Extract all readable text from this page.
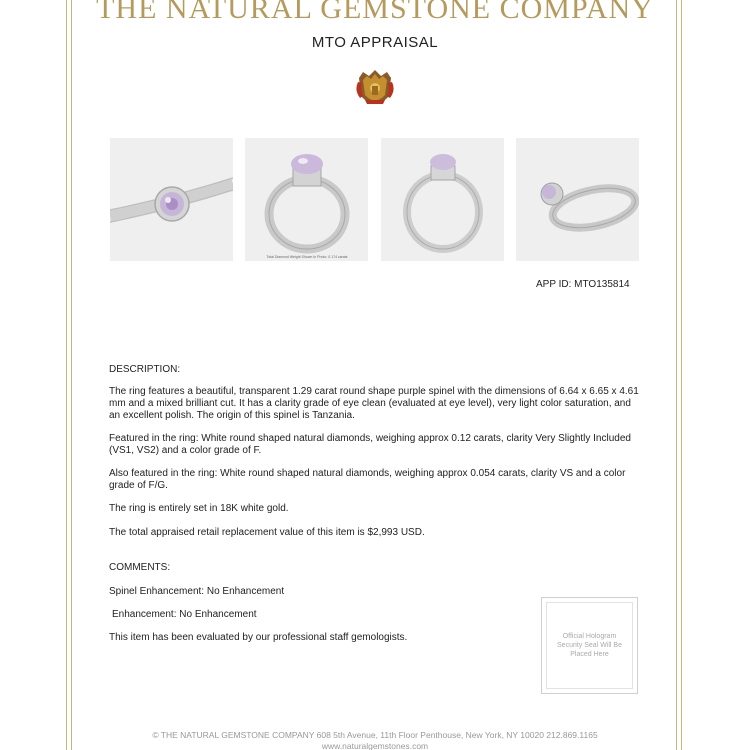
THE NATURAL GEMSTONE COMPANY
MTO APPRAISAL
Total Diamond Weight Shown In Photo: 0.174 carats
APP ID: MTO135814
DESCRIPTION:
The ring features a beautiful, transparent 1.29 carat round shape purple spinel with the dimensions of 6.64 x 6.65 x 4.61 mm and a mixed brilliant cut. It has a clarity grade of eye clean (evaluated at eye level), very light color saturation, and an excellent polish. The origin of this spinel is Tanzania.
Featured in the ring: White round shaped natural diamonds, weighing approx 0.12 carats, clarity Very Slightly Included (VS1, VS2) and a color grade of F.
Also featured in the ring: White round shaped natural diamonds, weighing approx 0.054 carats, clarity VS and a color grade of F/G.
The ring is entirely set in 18K white gold.
The total appraised retail replacement value of this item is $2,993 USD.
COMMENTS:
Spinel Enhancement: No Enhancement
Enhancement: No Enhancement
This item has been evaluated by our professional staff gemologists.	Official Hologram Security Seal Will Be Placed Here
© THE NATURAL GEMSTONE COMPANY 608 5th Avenue, 11th Floor Penthouse, New York, NY 10020 212.869.1165
www.naturalgemstones.com
